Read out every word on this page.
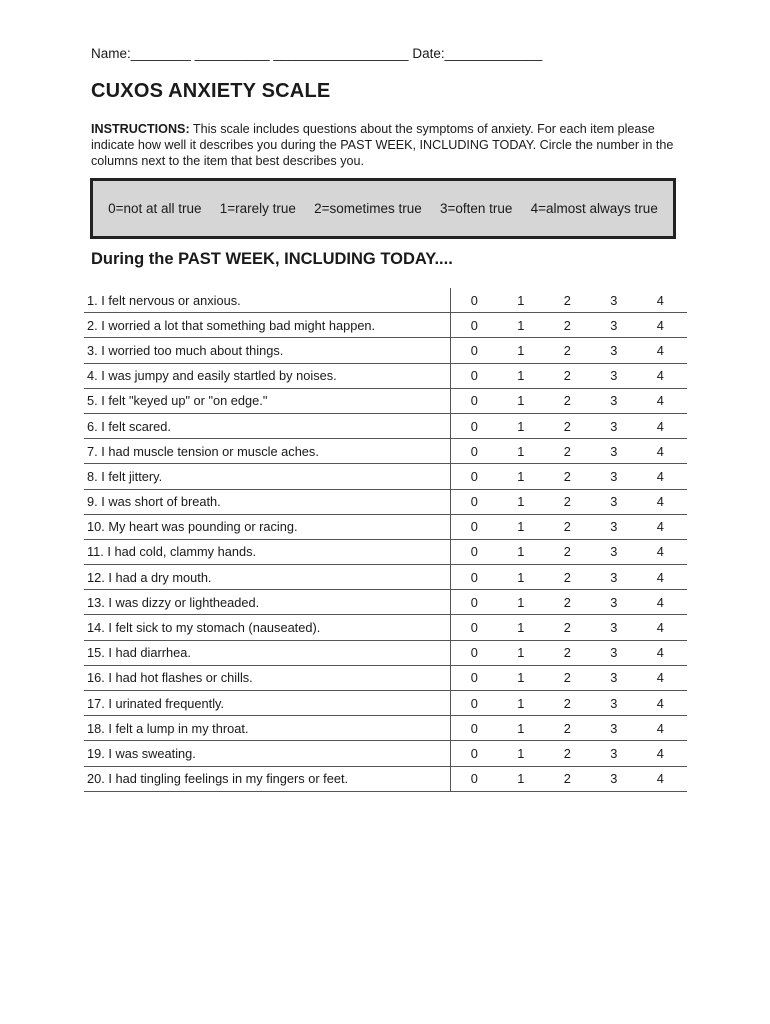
Name:________ __________ __________________ Date:_____________
CUXOS ANXIETY SCALE

INSTRUCTIONS: This scale includes questions about the symptoms of anxiety. For each item please indicate how well it describes you during the PAST WEEK, INCLUDING TODAY. Circle the number in the columns next to the item that best describes you.

0=not at all true 1=rarely true 2=sometimes true 3=often true 4=almost always true
During the PAST WEEK, INCLUDING TODAY....
1. I felt nervous or anxious.	0	1	2	3	4
2. I worried a lot that something bad might happen.	0	1	2	3	4
3. I worried too much about things.	0	1	2	3	4
4. I was jumpy and easily startled by noises.	0	1	2	3	4
5. I felt "keyed up" or "on edge."	0	1	2	3	4
6. I felt scared.	0	1	2	3	4
7. I had muscle tension or muscle aches.	0	1	2	3	4
8. I felt jittery.	0	1	2	3	4
9. I was short of breath.	0	1	2	3	4
10. My heart was pounding or racing.	0	1	2	3	4
11. I had cold, clammy hands.	0	1	2	3	4
12. I had a dry mouth.	0	1	2	3	4
13. I was dizzy or lightheaded.	0	1	2	3	4
14. I felt sick to my stomach (nauseated).	0	1	2	3	4
15. I had diarrhea.	0	1	2	3	4
16. I had hot flashes or chills.	0	1	2	3	4
17. I urinated frequently.	0	1	2	3	4
18. I felt a lump in my throat.	0	1	2	3	4
19. I was sweating.	0	1	2	3	4
20. I had tingling feelings in my fingers or feet.	0	1	2	3	4
